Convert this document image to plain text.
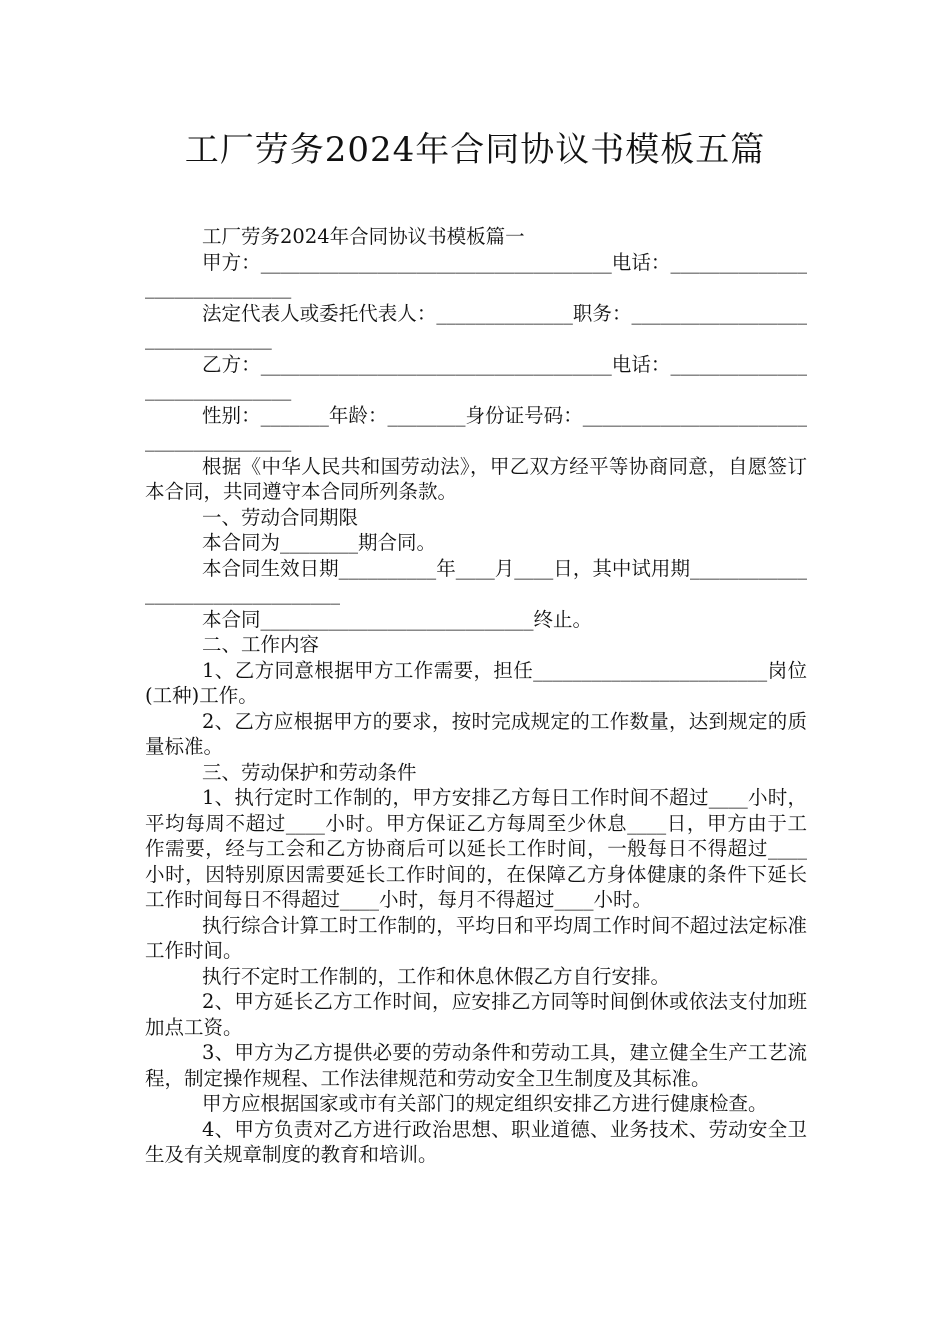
工厂劳务2024年合同协议书模板五篇

工厂劳务2024年合同协议书模板篇一

甲方：____________________________________电话：_____________________________

法定代表人或委托代表人：______________职务：_______________________________

乙方：____________________________________电话：_____________________________

性别：_______年龄：________身份证号码：______________________________________

根据《中华人民共和国劳动法》，甲乙双方经平等协商同意，自愿签订本合同，共同遵守本合同所列条款。

一、劳动合同期限

本合同为________期合同。

本合同生效日期__________年____月____日，其中试用期________________________________

本合同____________________________终止。

二、工作内容

1、乙方同意根据甲方工作需要，担任________________________岗位(工种)工作。

2、乙方应根据甲方的要求，按时完成规定的工作数量，达到规定的质量标准。

三、劳动保护和劳动条件

1、执行定时工作制的，甲方安排乙方每日工作时间不超过____小时，平均每周不超过____小时。甲方保证乙方每周至少休息____日，甲方由于工作需要，经与工会和乙方协商后可以延长工作时间，一般每日不得超过____小时，因特别原因需要延长工作时间的，在保障乙方身体健康的条件下延长工作时间每日不得超过____小时，每月不得超过____小时。

执行综合计算工时工作制的，平均日和平均周工作时间不超过法定标准工作时间。

执行不定时工作制的，工作和休息休假乙方自行安排。

2、甲方延长乙方工作时间，应安排乙方同等时间倒休或依法支付加班加点工资。

3、甲方为乙方提供必要的劳动条件和劳动工具，建立健全生产工艺流程，制定操作规程、工作法律规范和劳动安全卫生制度及其标准。

甲方应根据国家或市有关部门的规定组织安排乙方进行健康检查。

4、甲方负责对乙方进行政治思想、职业道德、业务技术、劳动安全卫生及有关规章制度的教育和培训。
